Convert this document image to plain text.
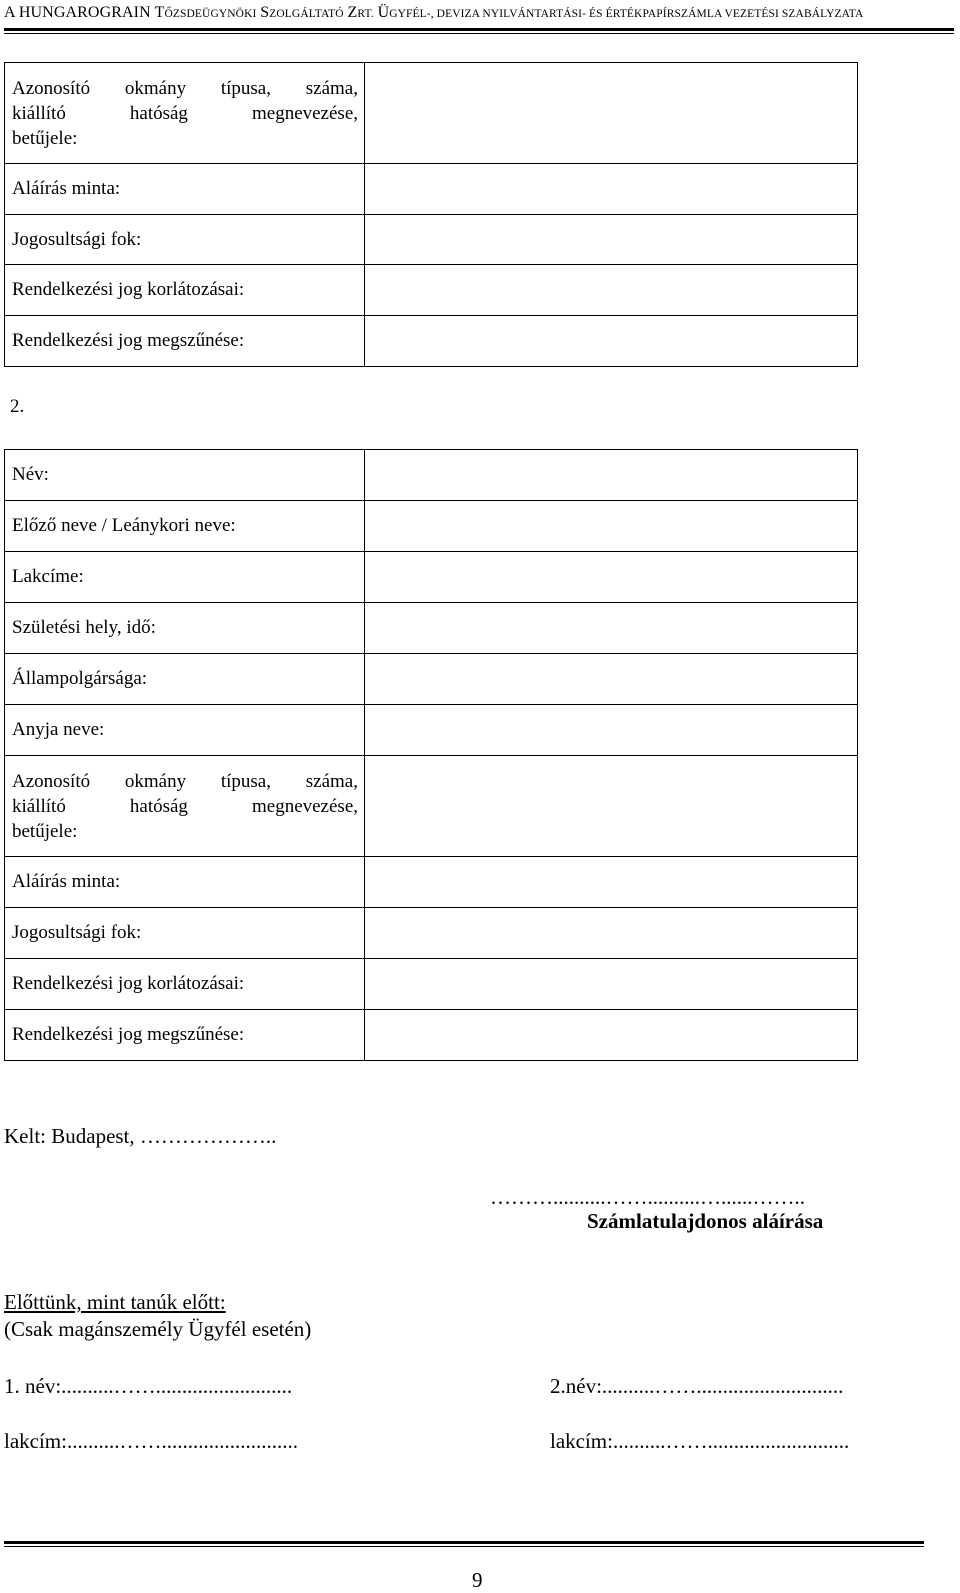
A HUNGAROGRAIN TŐZSDEÜGYNÖKI SZOLGÁLTATÓ ZRT. ÜGYFÉL-, DEVIZA NYILVÁNTARTÁSI- ÉS ÉRTÉKPAPÍRSZÁMLA VEZETÉSI SZABÁLYZATA
Azonosító okmány típusa, száma,
kiállító hatóság megnevezése,
betűjele:	

Aláírás minta:	
Jogosultsági fok:	
Rendelkezési jog korlátozásai:	
Rendelkezési jog megszűnése:	
2.
Név:	
Előző neve / Leánykori neve:	
Lakcíme:	
Születési hely, idő:	
Állampolgársága:	
Anyja neve:	

Azonosító okmány típusa, száma,
kiállító hatóság megnevezése,
betűjele:	

Aláírás minta:	
Jogosultsági fok:	
Rendelkezési jog korlátozásai:	
Rendelkezési jog megszűnése:	
Kelt: Budapest, ………………..
………..........……..........…......……..
Számlatulajdonos aláírása
Előttünk, mint tanúk előtt:
(Csak magánszemély Ügyfél esetén)
1. név:..........……..........................	2.név:..........……............................
lakcím:..........……..........................	lakcím:..........……...........................
9
